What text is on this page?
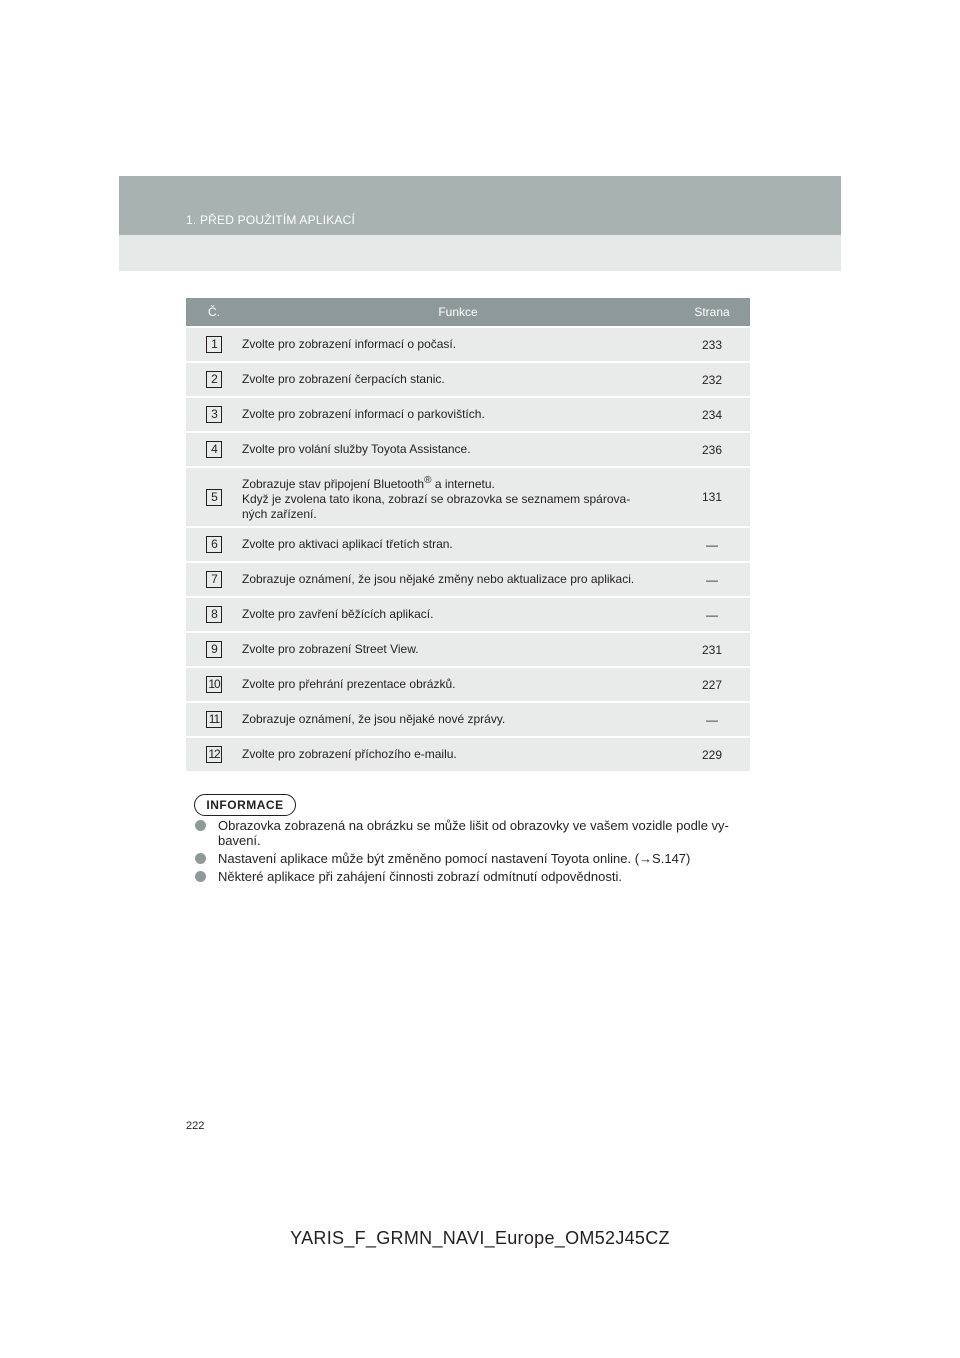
1. PŘED POUŽITÍM APLIKACÍ
Č.	Funkce	Strana
1	Zvolte pro zobrazení informací o počasí.	233
2	Zvolte pro zobrazení čerpacích stanic.	232
3	Zvolte pro zobrazení informací o parkovištích.	234
4	Zvolte pro volání služby Toyota Assistance.	236
5	Zobrazuje stav připojení Bluetooth® a internetu.
Když je zvolena tato ikona, zobrazí se obrazovka se seznamem spárova-
ných zařízení.	131
6	Zvolte pro aktivaci aplikací třetích stran.	—
7	Zobrazuje oznámení, že jsou nějaké změny nebo aktualizace pro aplikaci.	—
8	Zvolte pro zavření běžících aplikací.	—
9	Zvolte pro zobrazení Street View.	231
10	Zvolte pro přehrání prezentace obrázků.	227
11	Zobrazuje oznámení, že jsou nějaké nové zprávy.	—
12	Zvolte pro zobrazení příchozího e-mailu.	229
INFORMACE
Obrazovka zobrazená na obrázku se může lišit od obrazovky ve vašem vozidle podle vy-bavení.
Nastavení aplikace může být změněno pomocí nastavení Toyota online. (→S.147)
Některé aplikace při zahájení činnosti zobrazí odmítnutí odpovědnosti.
222
YARIS_F_GRMN_NAVI_Europe_OM52J45CZ
